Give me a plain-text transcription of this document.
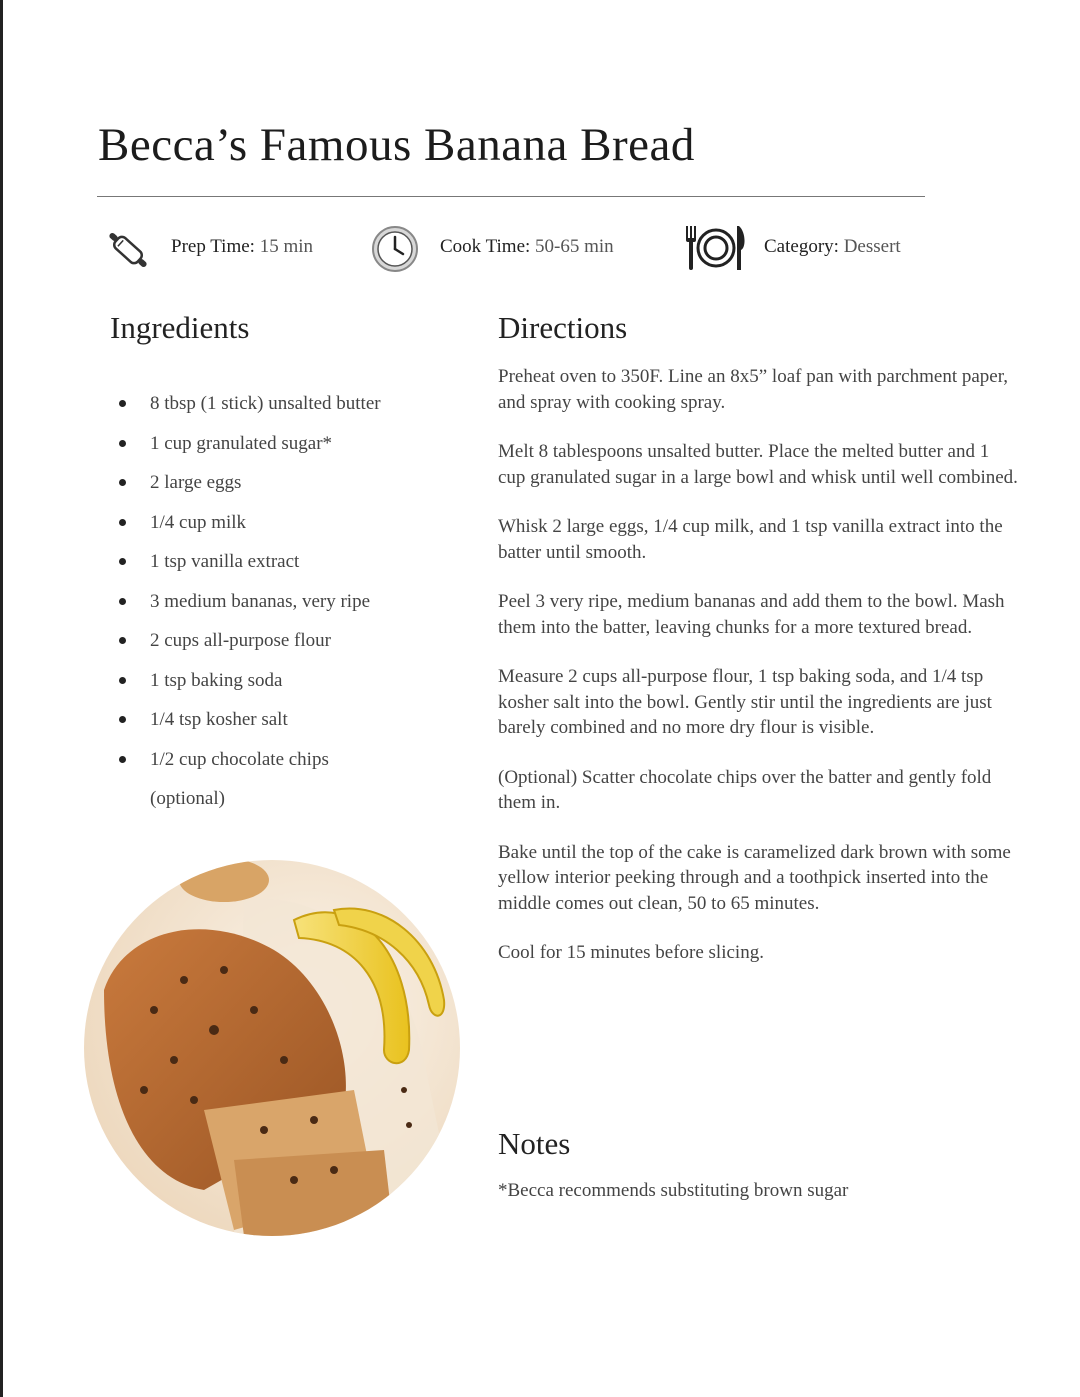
Becca’s Famous Banana Bread
Prep Time: 15 min	Cook Time: 50-65 min	Category: Dessert
Ingredients
8 tbsp (1 stick) unsalted butter
1 cup granulated sugar*
2 large eggs
1/4 cup milk
1 tsp vanilla extract
3 medium bananas, very ripe
2 cups all-purpose flour
1 tsp baking soda
1/4 tsp kosher salt
1/2 cup chocolate chips (optional)
Directions

Preheat oven to 350F. Line an 8x5” loaf pan with parchment paper, and spray with cooking spray.

Melt 8 tablespoons unsalted butter. Place the melted butter and 1 cup granulated sugar in a large bowl and whisk until well combined.

Whisk 2 large eggs, 1/4 cup milk, and 1 tsp vanilla extract into the batter until smooth.

Peel 3 very ripe, medium bananas and add them to the bowl. Mash them into the batter, leaving chunks for a more textured bread.

Measure 2 cups all-purpose flour, 1 tsp baking soda, and 1/4 tsp kosher salt into the bowl. Gently stir until the ingredients are just barely combined and no more dry flour is visible.

(Optional) Scatter chocolate chips over the batter and gently fold them in.

Bake until the top of the cake is caramelized dark brown with some yellow interior peeking through and a toothpick inserted into the middle comes out clean, 50 to 65 minutes.

Cool for 15 minutes before slicing.

Notes
*Becca recommends substituting brown sugar
